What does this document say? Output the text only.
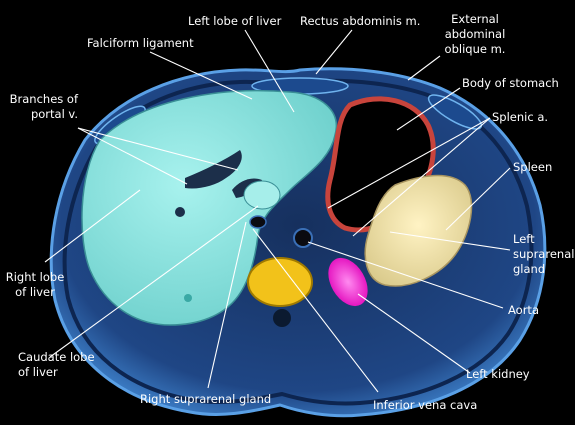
Left lobe of liver Rectus abdominis m.	External
abdominal
oblique m.
Falciform ligament
Body of stomach
Branches of
portal v.	Splenic a.
Spleen
Left
suprarenal
gland
Right lobe
of liver
Aorta
Caudate lobe
of liver	Left kidney
Right suprarenal gland	Inferior vena cava
